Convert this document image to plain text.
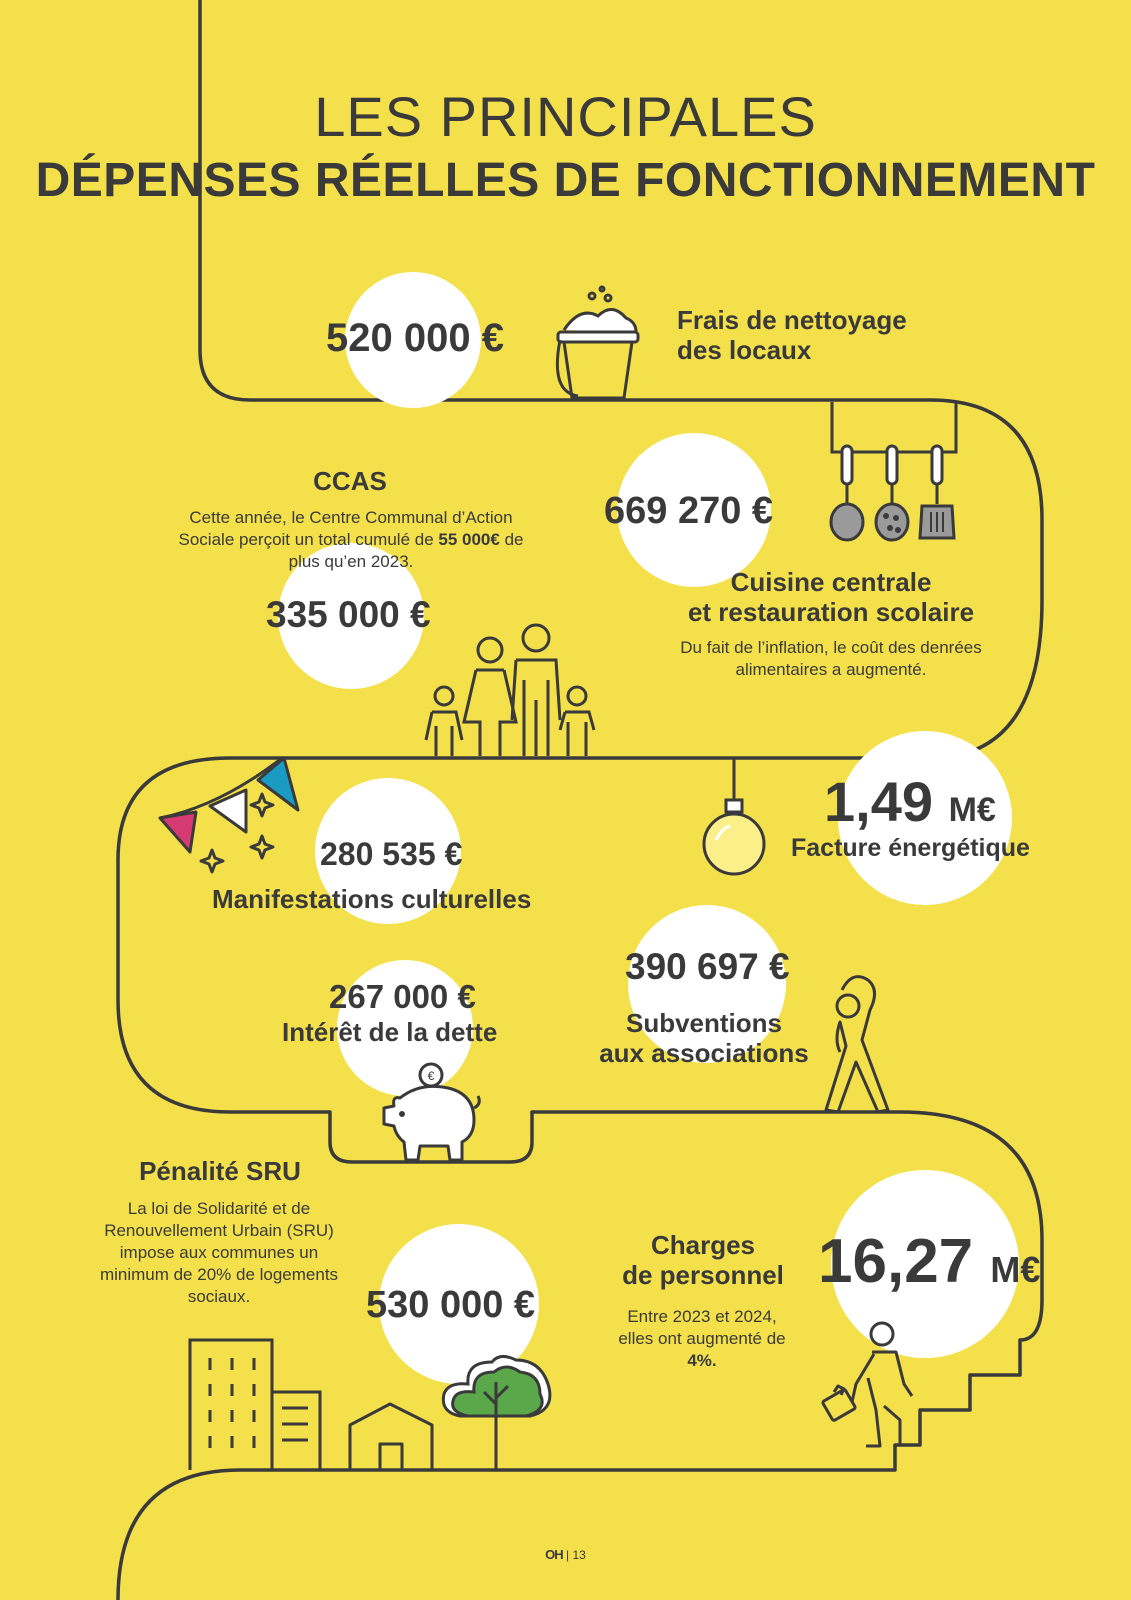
€
LES PRINCIPALES
DÉPENSES RÉELLES DE FONCTIONNEMENT
520 000 €	Frais de nettoyage
des locaux
CCAS
Cette année, le Centre Communal d’Action Sociale perçoit un total cumulé de 55 000€ de plus qu’en 2023.
335 000 €
669 270 €
Cuisine centrale
et restauration scolaire
Du fait de l’inflation, le coût des denrées alimentaires a augmenté.
1,49 M€
Facture énergétique
280 535 €
Manifestations culturelles
390 697 €
Subventions
aux associations
267 000 €
Intérêt de la dette
Pénalité SRU
La loi de Solidarité et de Renouvellement Urbain (SRU) impose aux communes un minimum de 20% de logements sociaux.	530 000 €
Charges
de personnel
Entre 2023 et 2024, elles ont augmenté de 4%.
16,27 M€
OH | 13
